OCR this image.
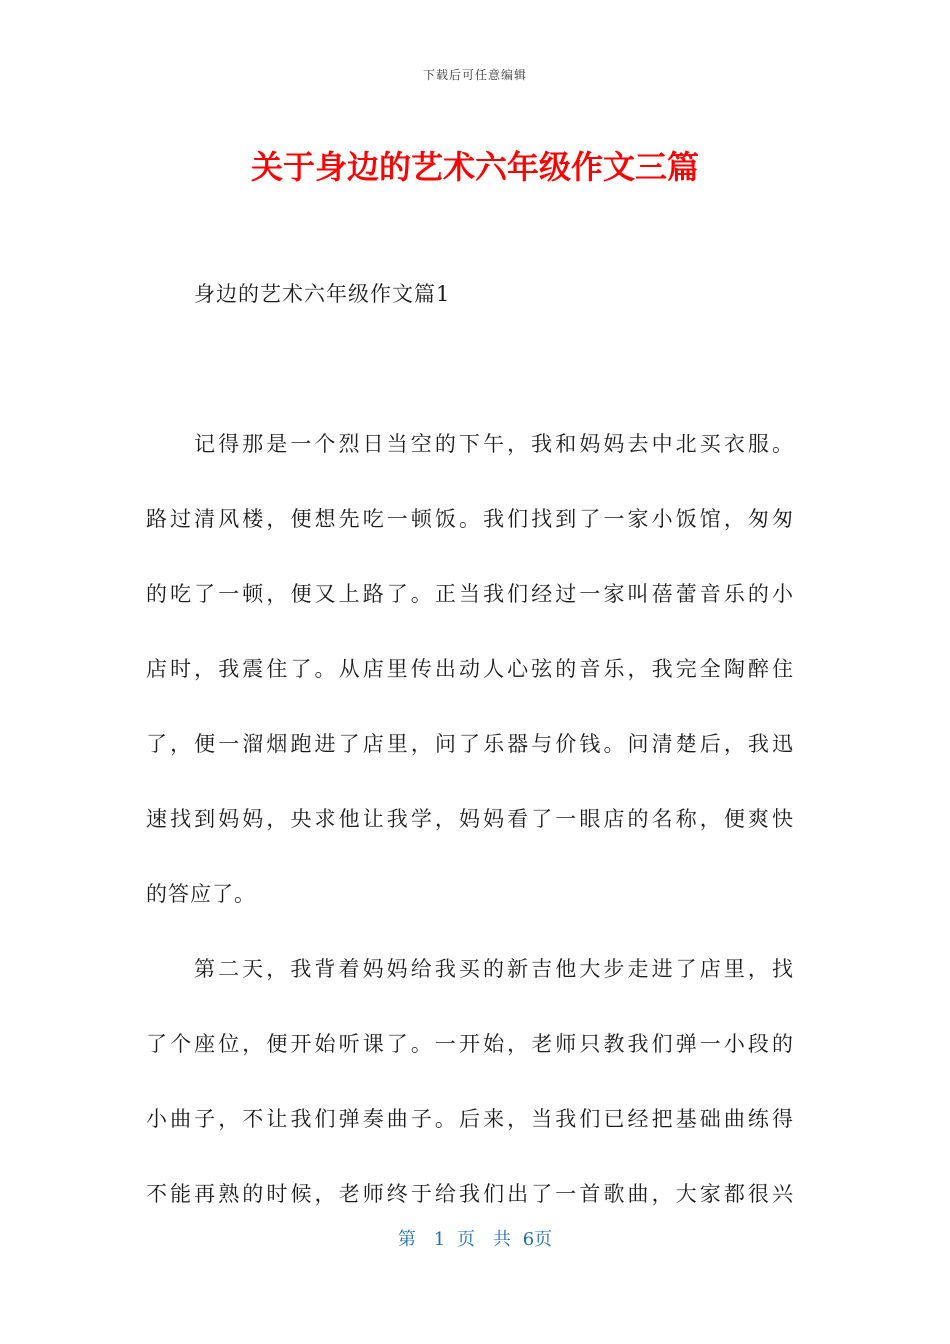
下载后可任意编辑
关于身边的艺术六年级作文三篇
身边的艺术六年级作文篇1
记得那是一个烈日当空的下午，我和妈妈去中北买衣服。
路过清风楼，便想先吃一顿饭。我们找到了一家小饭馆，匆匆
的吃了一顿，便又上路了。正当我们经过一家叫蓓蕾音乐的小
店时，我震住了。从店里传出动人心弦的音乐，我完全陶醉住
了，便一溜烟跑进了店里，问了乐器与价钱。问清楚后，我迅
速找到妈妈，央求他让我学，妈妈看了一眼店的名称，便爽快
的答应了。
第二天，我背着妈妈给我买的新吉他大步走进了店里，找
了个座位，便开始听课了。一开始，老师只教我们弹一小段的
小曲子，不让我们弹奏曲子。后来，当我们已经把基础曲练得
不能再熟的时候，老师终于给我们出了一首歌曲，大家都很兴
第　1 页　共 6页
